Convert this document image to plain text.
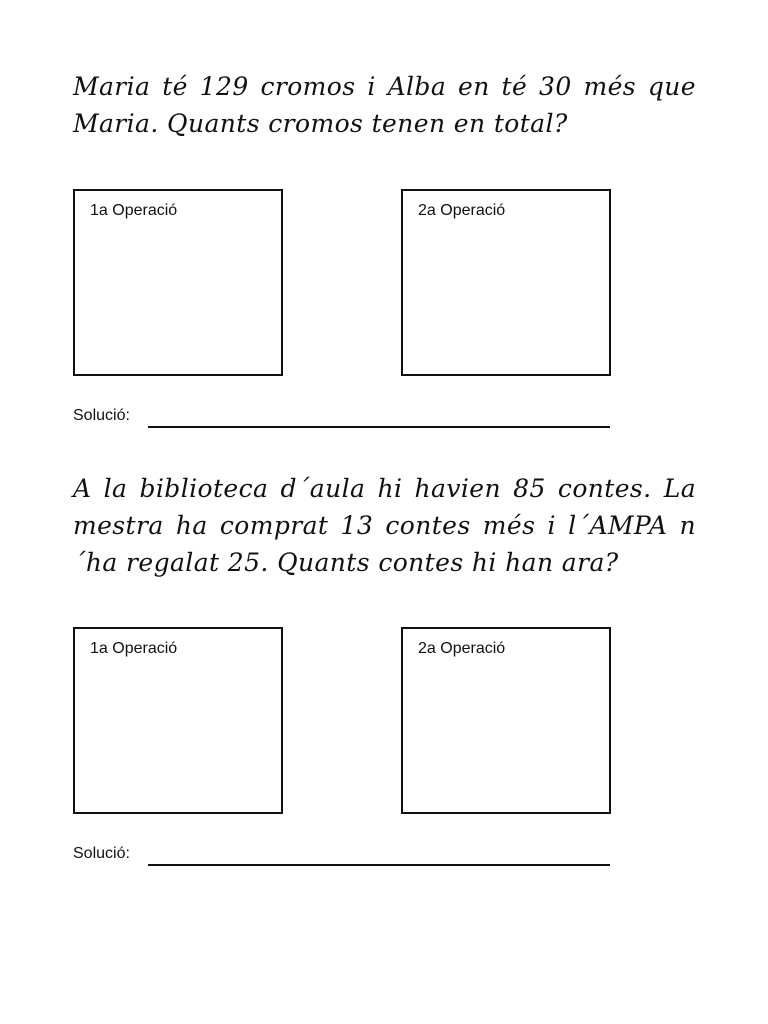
Maria té 129 cromos i Alba en té 30 més que Maria. Quants cromos tenen en total?

1a Operació	2a Operació
Solució:

A la biblioteca d´aula hi havien 85 contes. La mestra ha comprat 13 contes més i l´AMPA n´ha regalat 25. Quants contes hi han ara?

1a Operació	2a Operació
Solució:
